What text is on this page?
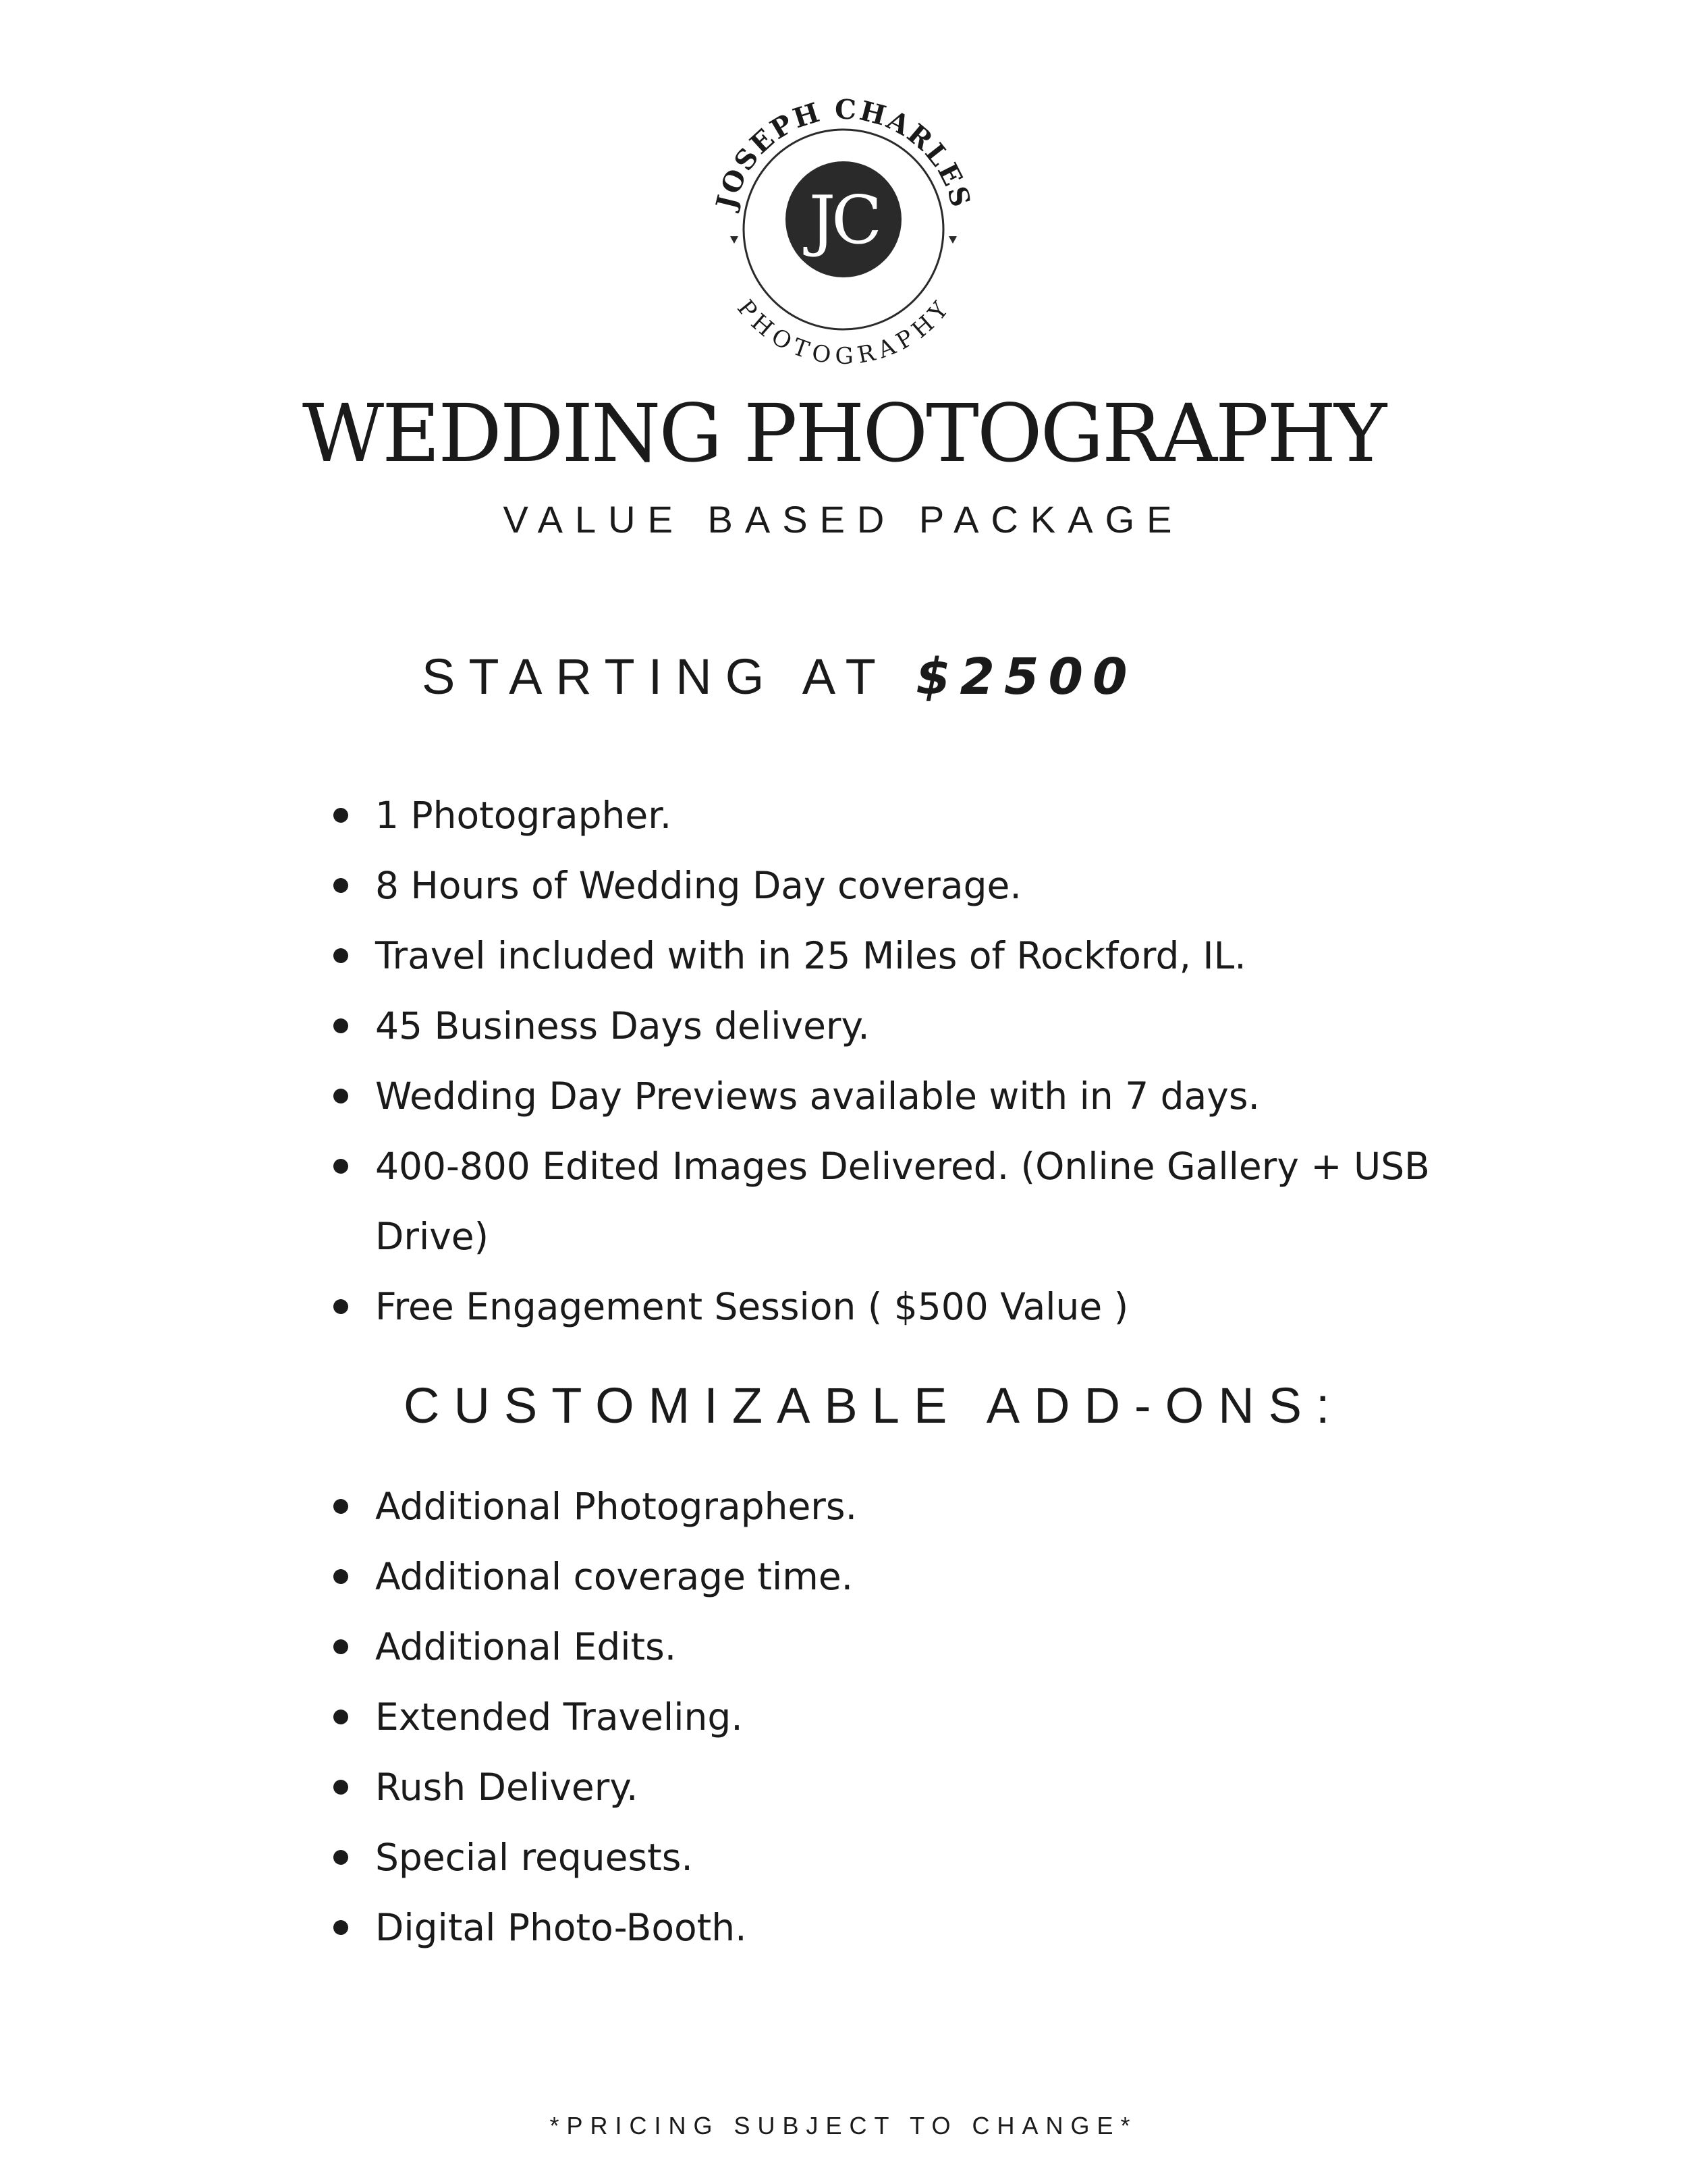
JC
JOSEPH CHARLES
PHOTOGRAPHY
WEDDING PHOTOGRAPHY
VALUE BASED PACKAGE
STARTING AT $2500
1 Photographer.
8 Hours of Wedding Day coverage.
Travel included with in 25 Miles of Rockford, IL.
45 Business Days delivery.
Wedding Day Previews available with in 7 days.
400-800 Edited Images Delivered. (Online Gallery + USB Drive)
Free Engagement Session ( $500 Value )
CUSTOMIZABLE ADD-ONS:
Additional Photographers.
Additional coverage time.
Additional Edits.
Extended Traveling.
Rush Delivery.
Special requests.
Digital Photo-Booth.
*PRICING SUBJECT TO CHANGE*
